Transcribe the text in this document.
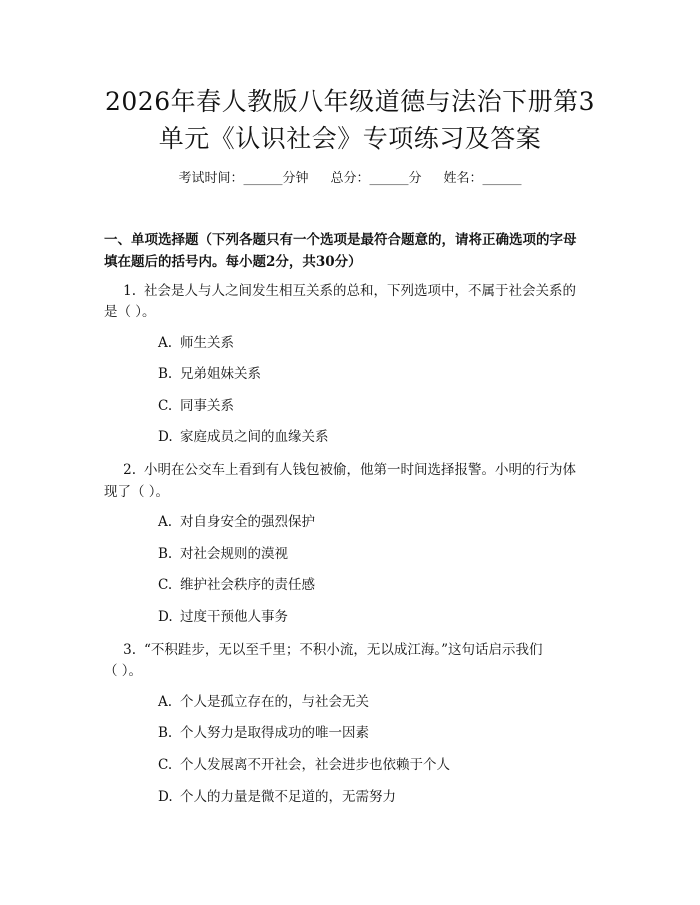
2026年春人教版八年级道德与法治下册第3
单元《认识社会》专项练习及答案
考试时间：______分钟 总分：______分 姓名：______
一、单项选择题（下列各题只有一个选项是最符合题意的，请将正确选项的字母
填在题后的括号内。每小题2分，共30分）
1. 社会是人与人之间发生相互关系的总和，下列选项中，不属于社会关系的
是（ ）。
A. 师生关系
B. 兄弟姐妹关系
C. 同事关系
D. 家庭成员之间的血缘关系
2. 小明在公交车上看到有人钱包被偷，他第一时间选择报警。小明的行为体
现了（ ）。
A. 对自身安全的强烈保护
B. 对社会规则的漠视
C. 维护社会秩序的责任感
D. 过度干预他人事务
3. “不积跬步，无以至千里；不积小流，无以成江海。”这句话启示我们
（ ）。
A. 个人是孤立存在的，与社会无关
B. 个人努力是取得成功的唯一因素
C. 个人发展离不开社会，社会进步也依赖于个人
D. 个人的力量是微不足道的，无需努力
